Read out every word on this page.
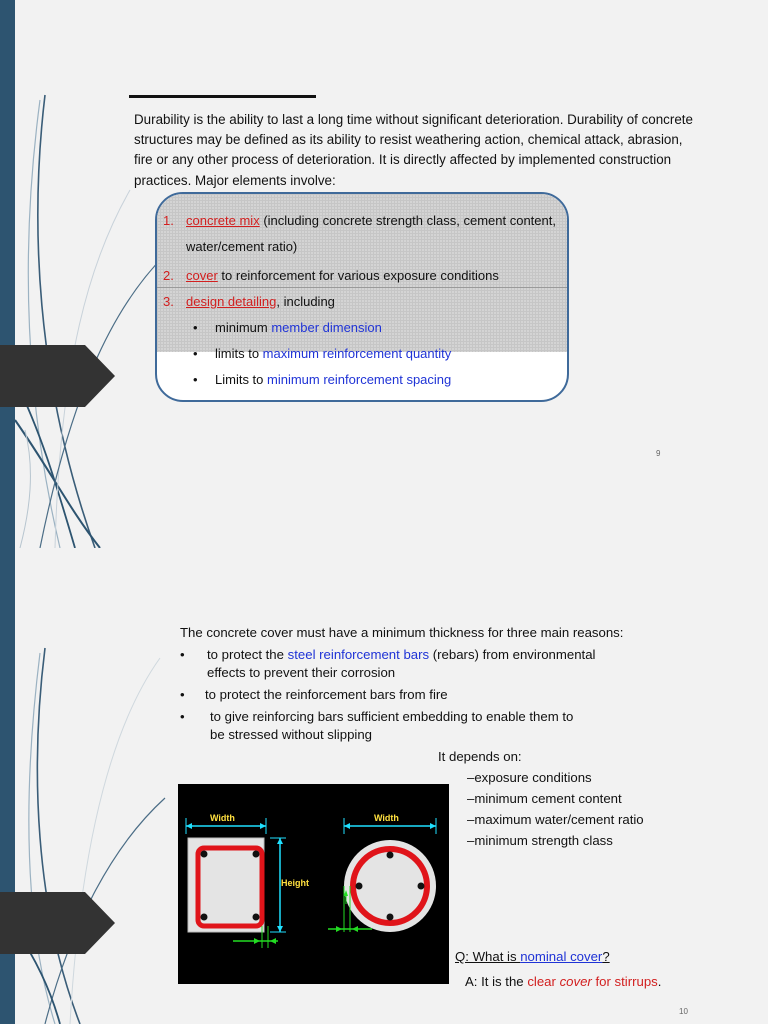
Durability is the ability to last a long time without significant deterioration. Durability of concrete structures may be defined as its ability to resist weathering action, chemical attack, abrasion, fire or any other process of deterioration. It is directly affected by implemented construction practices. Major elements involve:
1. concrete mix (including concrete strength class, cement content,
water/cement ratio)
2. cover to reinforcement for various exposure conditions
3. design detailing, including
• minimum member dimension
• limits to maximum reinforcement quantity
• Limits to minimum reinforcement spacing
9
The concrete cover must have a minimum thickness for three main reasons:
• to protect the steel reinforcement bars (rebars) from environmental
effects to prevent their corrosion
• to protect the reinforcement bars from fire
• to give reinforcing bars sufficient embedding to enable them to
be stressed without slipping
It depends on:
–exposure conditions
–minimum cement content
–maximum water/cement ratio
–minimum strength class
Width
Height
Width
Q: What is nominal cover?
A: It is the clear cover for stirrups.
10
